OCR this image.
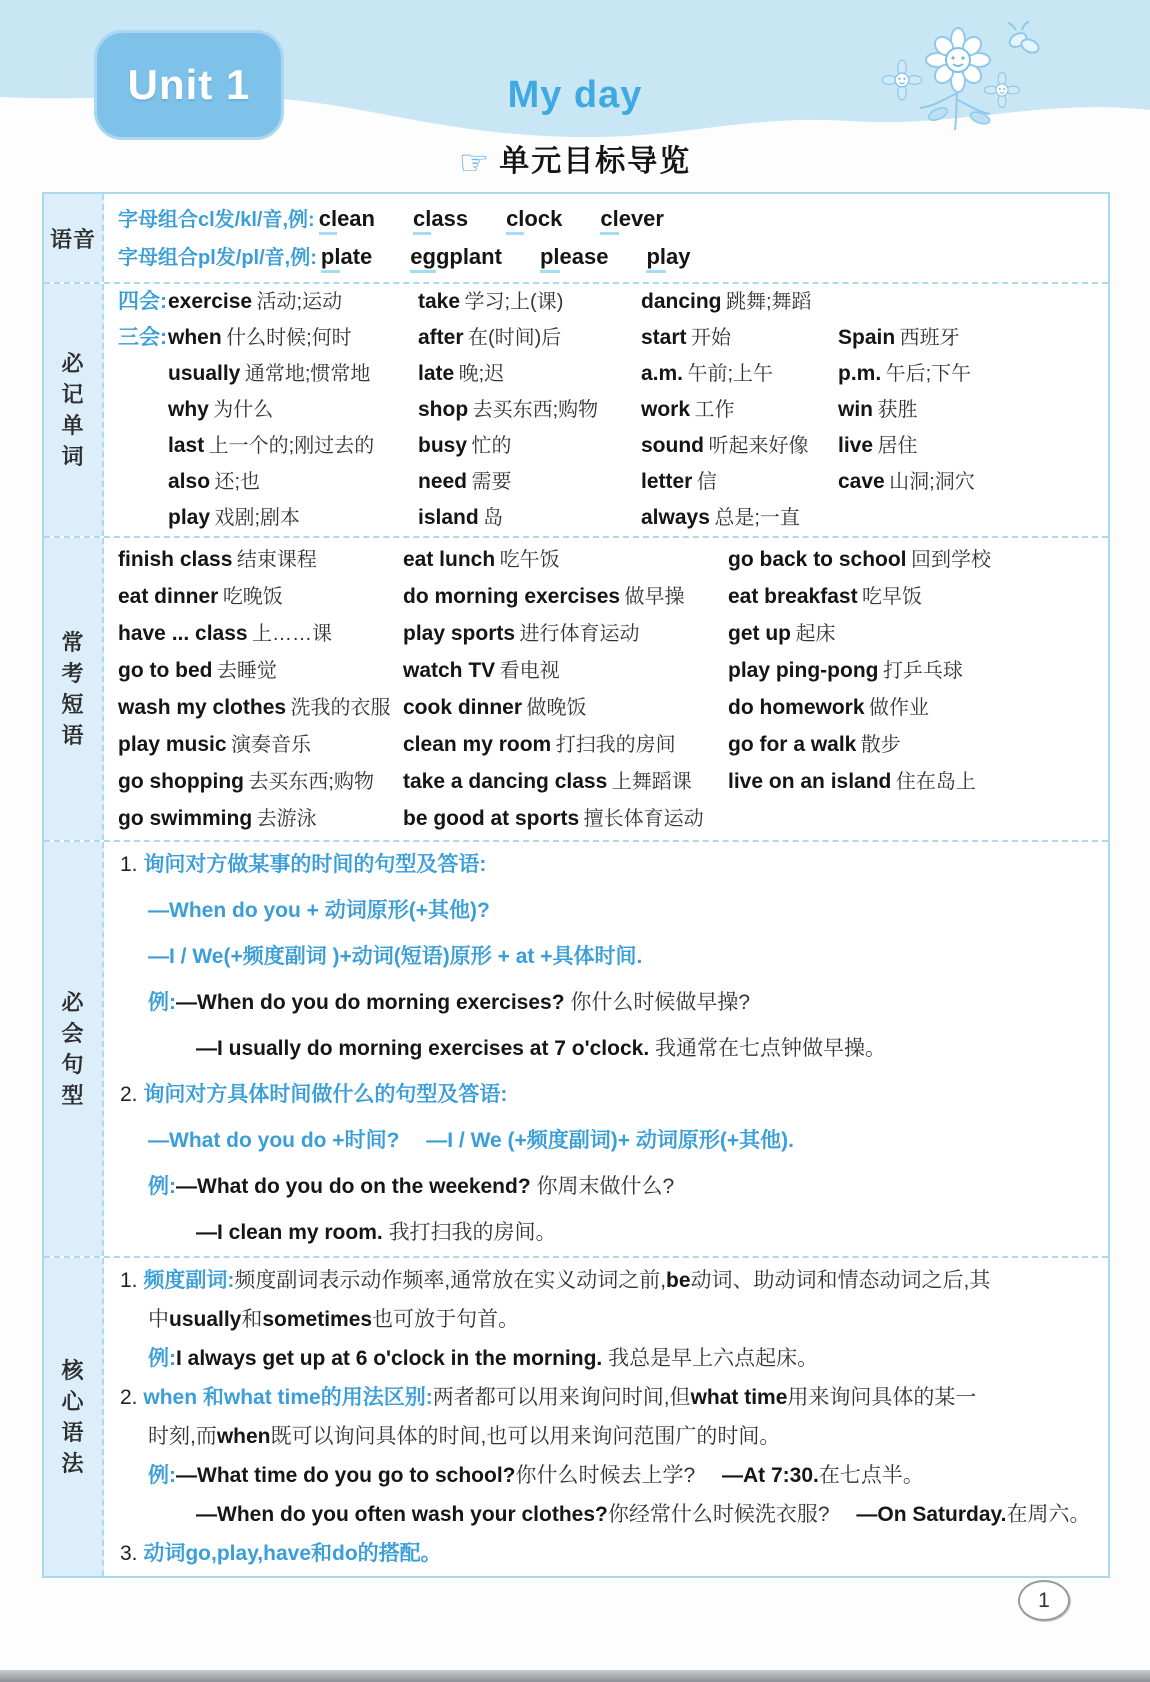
Unit 1	My day
☞ 单元目标导览
语音
字母组合cl发/kl/音,例: clean class clock clever
字母组合pl发/pl/音,例: plate eggplant please play
必
记
单
词
四会: exercise 活动;运动	take 学习;上(课)	dancing 跳舞;舞蹈
三会: when 什么时候;何时	after 在(时间)后	start 开始	Spain 西班牙
usually 通常地;惯常地	late 晚;迟	a.m. 午前;上午	p.m. 午后;下午
why 为什么	shop 去买东西;购物	work 工作	win 获胜
last 上一个的;刚过去的	busy 忙的	sound 听起来好像	live 居住
also 还;也	need 需要	letter 信	cave 山洞;洞穴
play 戏剧;剧本	island 岛	always 总是;一直
常
考
短
语
finish class 结束课程	eat lunch 吃午饭	go back to school 回到学校
eat dinner 吃晚饭	do morning exercises 做早操	eat breakfast 吃早饭
have ... class 上……课	play sports 进行体育运动	get up 起床
go to bed 去睡觉	watch TV 看电视	play ping-pong 打乒乓球
wash my clothes 洗我的衣服 cook dinner 做晚饭	do homework 做作业
play music 演奏音乐	clean my room 打扫我的房间	go for a walk 散步
go shopping 去买东西;购物	take a dancing class 上舞蹈课	live on an island 住在岛上
go swimming 去游泳	be good at sports 擅长体育运动
必
会
句
型
1. 询问对方做某事的时间的句型及答语:
—When do you + 动词原形(+其他)?
—I / We(+频度副词 )+动词(短语)原形 + at +具体时间.
例:—When do you do morning exercises? 你什么时候做早操?
—I usually do morning exercises at 7 o'clock. 我通常在七点钟做早操。
2. 询问对方具体时间做什么的句型及答语:
—What do you do +时间?　 —I / We (+频度副词)+ 动词原形(+其他).
例:—What do you do on the weekend? 你周末做什么?
—I clean my room. 我打扫我的房间。
核
心
语
法
1. 频度副词:频度副词表示动作频率,通常放在实义动词之前,be动词、助动词和情态动词之后,其
中usually和sometimes也可放于句首。
例:I always get up at 6 o'clock in the morning. 我总是早上六点起床。
2. when 和what time的用法区别:两者都可以用来询问时间,但what time用来询问具体的某一
时刻,而when既可以询问具体的时间,也可以用来询问范围广的时间。
例:—What time do you go to school?你什么时候去上学?　 —At 7:30.在七点半。
—When do you often wash your clothes?你经常什么时候洗衣服?　 —On Saturday.在周六。
3. 动词go,play,have和do的搭配。
1
